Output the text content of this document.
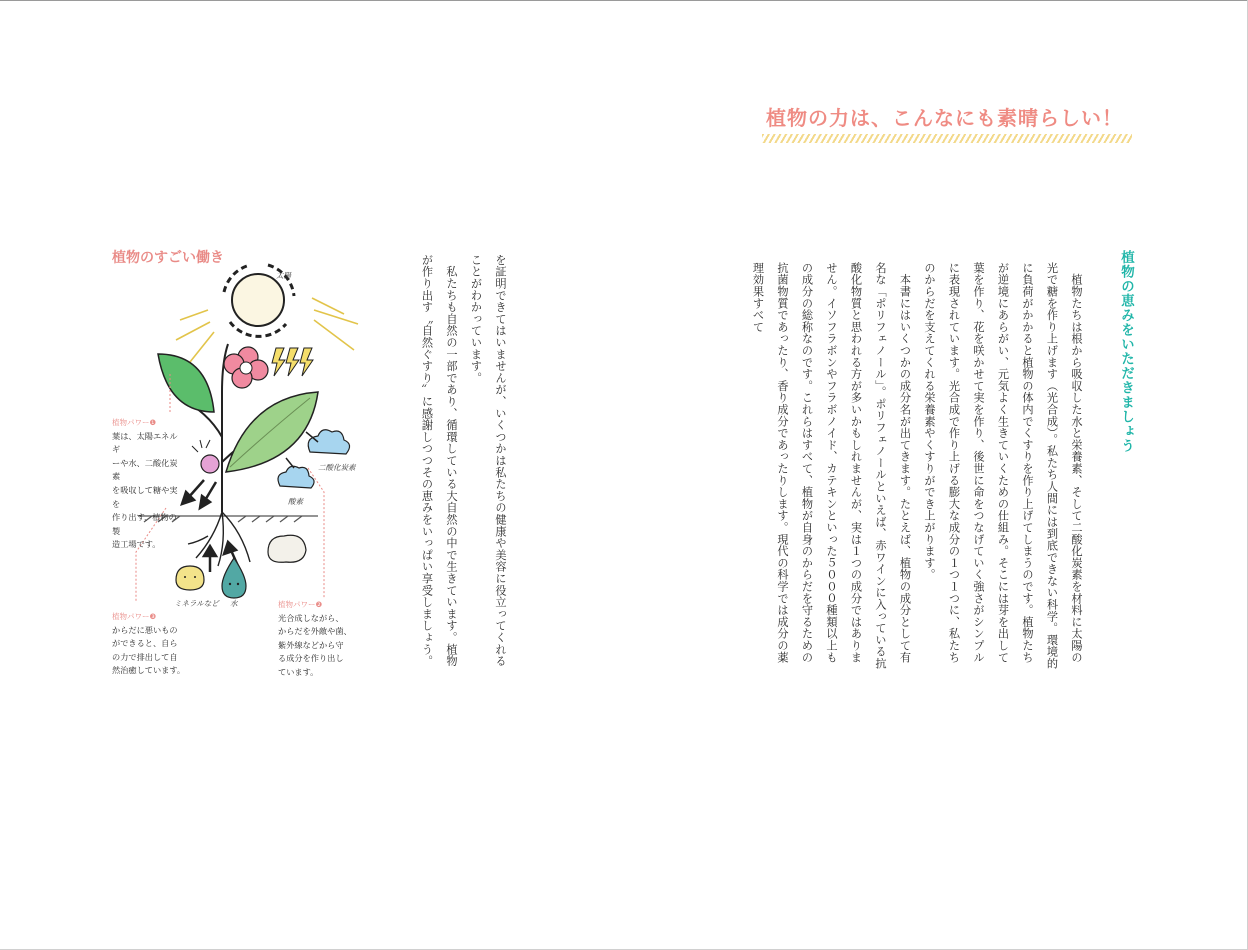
植物の力は、こんなにも素晴らしい！
植物の恵みをいただきましょう

　植物たちは根から吸収した水と栄養素、そして二酸化炭素を材料に太陽の光で糖を作り上げます（光合成）。私たち人間には到底できない科学。環境的に負荷がかかると植物の体内でくすりを作り上げてしまうのです。植物たちが逆境にあらがい、元気よく生きていくための仕組み。そこには芽を出して葉を作り、花を咲かせて実を作り、後世に命をつなげていく強さがシンプルに表現されています。光合成で作り上げる膨大な成分の１つ１つに、私たちのからだを支えてくれる栄養素やくすりができ上がります。
　本書にはいくつかの成分名が出てきます。たとえば、植物の成分として有名な「ポリフェノール」。ポリフェノールといえば、赤ワインに入っている抗酸化物質と思われる方が多いかもしれませんが、実は１つの成分ではありません。イソフラボンやフラボノイド、カテキンといった５０００種類以上もの成分の総称なのです。これらはすべて、植物が自身のからだを守るための抗菌物質であったり、香り成分であったりします。現代の科学では成分の薬理効果すべて

を証明できてはいませんが、いくつかは私たちの健康や美容に役立ってくれることがわかっています。
　私たちも自然の一部であり、循環している大自然の中で生きています。植物が作り出す〝自然ぐすり〟に感謝しつつその恵みをいっぱい享受しましょう。

植物のすごい働き
太陽
二酸化炭素
酸素
ミネラルなど 水
植物パワー❶
葉は、太陽エネルギ
ーや水、二酸化炭素
を吸収して糖や実を
作り出す、植物の製
造工場です。
植物パワー❷
光合成しながら、
からだを外敵や菌、
紫外線などから守
る成分を作り出し
ています。
植物パワー❸
からだに悪いもの
ができると、自ら
の力で排出して自
然治癒しています。
